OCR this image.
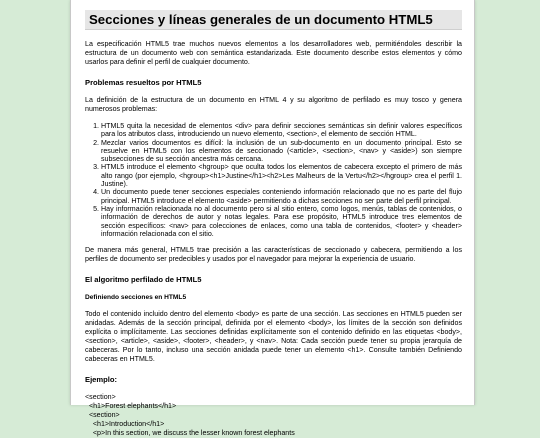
Secciones y líneas generales de un documento HTML5

La especificación HTML5 trae muchos nuevos elementos a los desarrolladores web, permitiéndoles describir la estructura de un documento web con semántica estandarizada. Este documento describe estos elementos y cómo usarlos para definir el perfil de cualquier documento.

Problemas resueltos por HTML5

La definición de la estructura de un documento en HTML 4 y su algoritmo de perfilado es muy tosco y genera numerosos problemas:

1. HTML5 quita la necesidad de elementos <div> para definir secciones semánticas sin definir valores específicos para los atributos class, introduciendo un nuevo elemento, <section>, el elemento de sección HTML.
2. Mezclar varios documentos es difícil: la inclusión de un sub-documento en un documento principal. Esto se resuelve en HTML5 con los elementos de seccionado (<article>, <section>, <nav> y <aside>) son siempre subsecciones de su sección ancestra más cercana.
3. HTML5 introduce el elemento <hgroup> que oculta todos los elementos de cabecera excepto el primero de más alto rango (por ejemplo, <hgroup><h1>Justine</h1><h2>Les Malheurs de la Vertu</h2></hgroup> crea el perfil 1. Justine).
4. Un documento puede tener secciones especiales conteniendo información relacionado que no es parte del flujo principal. HTML5 introduce el elemento <aside> permitiendo a dichas secciones no ser parte del perfil principal.
5. Hay información relacionada no al documento pero si al sitio entero, como logos, menús, tablas de contenidos, o información de derechos de autor y notas legales. Para ese propósito, HTML5 introduce tres elementos de sección específicos: <nav> para colecciones de enlaces, como una tabla de contenidos, <footer> y <header> información relacionada con el sitio.

De manera más general, HTML5 trae precisión a las características de seccionado y cabecera, permitiendo a los perfiles de documento ser predecibles y usados por el navegador para mejorar la experiencia de usuario.

El algoritmo perfilado de HTML5
Definiendo secciones en HTML5

Todo el contenido incluido dentro del elemento <body> es parte de una sección. Las secciones en HTML5 pueden ser anidadas. Además de la sección principal, definida por el elemento <body>, los límites de la sección son definidos explícita o implícitamente. Las secciones definidas explícitamente son el contenido definido en las etiquetas <body>, <section>, <article>, <aside>, <footer>, <header>, y <nav>. Nota: Cada sección puede tener su propia jerarquía de cabeceras. Por lo tanto, incluso una sección anidada puede tener un elemento <h1>. Consulte también Definiendo cabeceras en HTML5.

Ejemplo:
<section>
<h1>Forest elephants</h1>
<section>
<h1>Introduction</h1>
<p>In this section, we discuss the lesser known forest elephants
